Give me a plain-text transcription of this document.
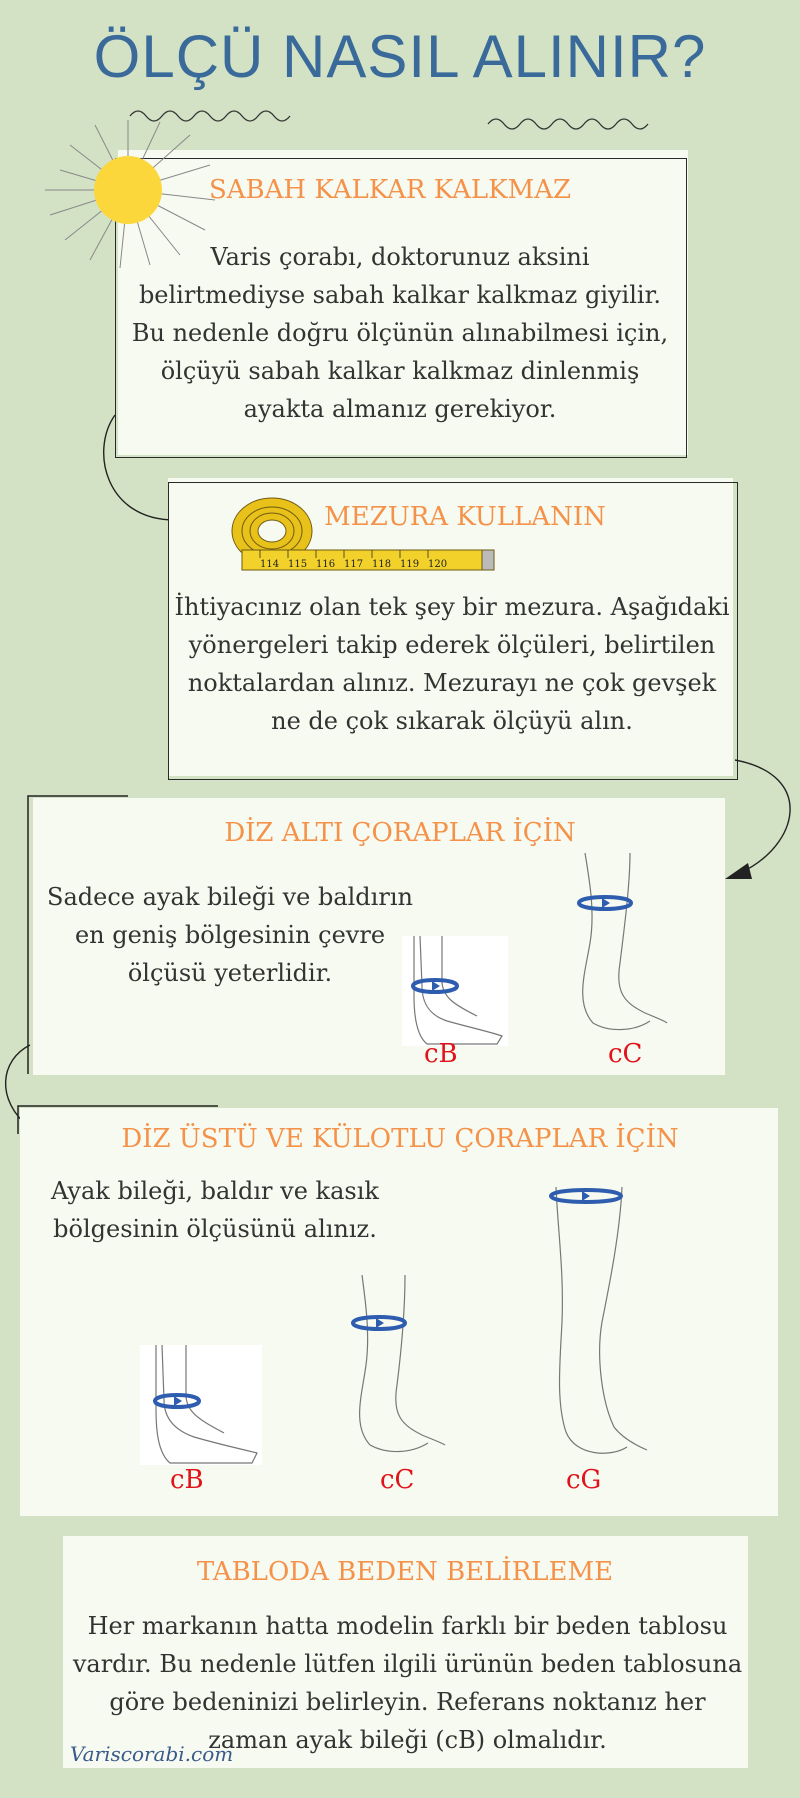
ÖLÇÜ NASIL ALINIR?
SABAH KALKAR KALKMAZ
Varis çorabı, doktorunuz aksini belirtmediyse sabah kalkar kalkmaz giyilir. Bu nedenle doğru ölçünün alınabilmesi için, ölçüyü sabah kalkar kalkmaz dinlenmiş ayakta almanız gerekiyor.
114 115 116 117 118 119 120
MEZURA KULLANIN
İhtiyacınız olan tek şey bir mezura. Aşağıdaki yönergeleri takip ederek ölçüleri, belirtilen noktalardan alınız. Mezurayı ne çok gevşek ne de çok sıkarak ölçüyü alın.
DİZ ALTI ÇORAPLAR İÇİN
Sadece ayak bileği ve baldırın en geniş bölgesinin çevre ölçüsü yeterlidir.
cB	cC
DİZ ÜSTÜ VE KÜLOTLU ÇORAPLAR İÇİN
Ayak bileği, baldır ve kasık bölgesinin ölçüsünü alınız.
cB	cC	cG
TABLODA BEDEN BELİRLEME
Her markanın hatta modelin farklı bir beden tablosu vardır. Bu nedenle lütfen ilgili ürünün beden tablosuna göre bedeninizi belirleyin. Referans noktanız her zaman ayak bileği (cB) olmalıdır.
Variscorabi.com
